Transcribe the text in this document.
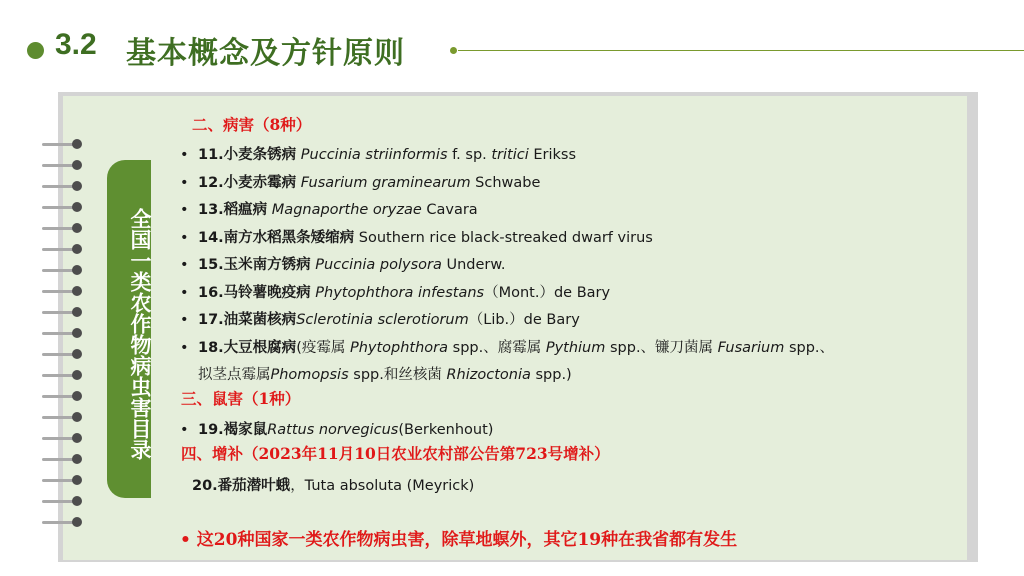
3.2 基本概念及方针原则
全国一类农作物病虫害目录
二、病害（8种）
三、鼠害（1种）
四、增补（2023年11月10日农业农村部公告第723号增补）
• 11.小麦条锈病 Puccinia striinformis f. sp. tritici Erikss
• 12.小麦赤霉病 Fusarium graminearum Schwabe
• 13.稻瘟病 Magnaporthe oryzae Cavara
• 14.南方水稻黑条矮缩病 Southern rice black-streaked dwarf virus
• 15.玉米南方锈病 Puccinia polysora Underw.
• 16.马铃薯晚疫病 Phytophthora infestans（Mont.）de Bary
• 17.油菜菌核病Sclerotinia sclerotiorum（Lib.）de Bary
• 18.大豆根腐病(疫霉属 Phytophthora spp.、腐霉属 Pythium spp.、镰刀菌属 Fusarium spp.、
拟茎点霉属Phomopsis spp.和丝核菌 Rhizoctonia spp.)
• 19.褐家鼠Rattus norvegicus(Berkenhout)
20.番茄潜叶蛾，Tuta absoluta (Meyrick)
• 这20种国家一类农作物病虫害，除草地螟外，其它19种在我省都有发生
